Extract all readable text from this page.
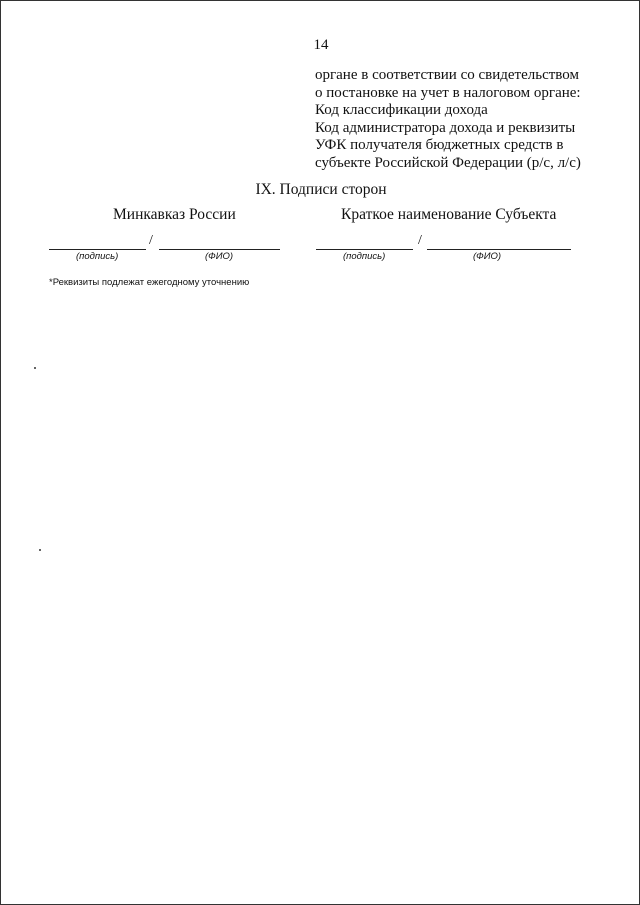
14
органе в соответствии со свидетельством
о постановке на учет в налоговом органе:
Код классификации дохода
Код администратора дохода и реквизиты
УФК получателя бюджетных средств в
субъекте Российской Федерации (р/с, л/с)
IX. Подписи сторон
Минкавказ России	Краткое наименование Субъекта
/
(подпись)	(ФИО)
/
(подпись)	(ФИО)
*Реквизиты подлежат ежегодному уточнению
